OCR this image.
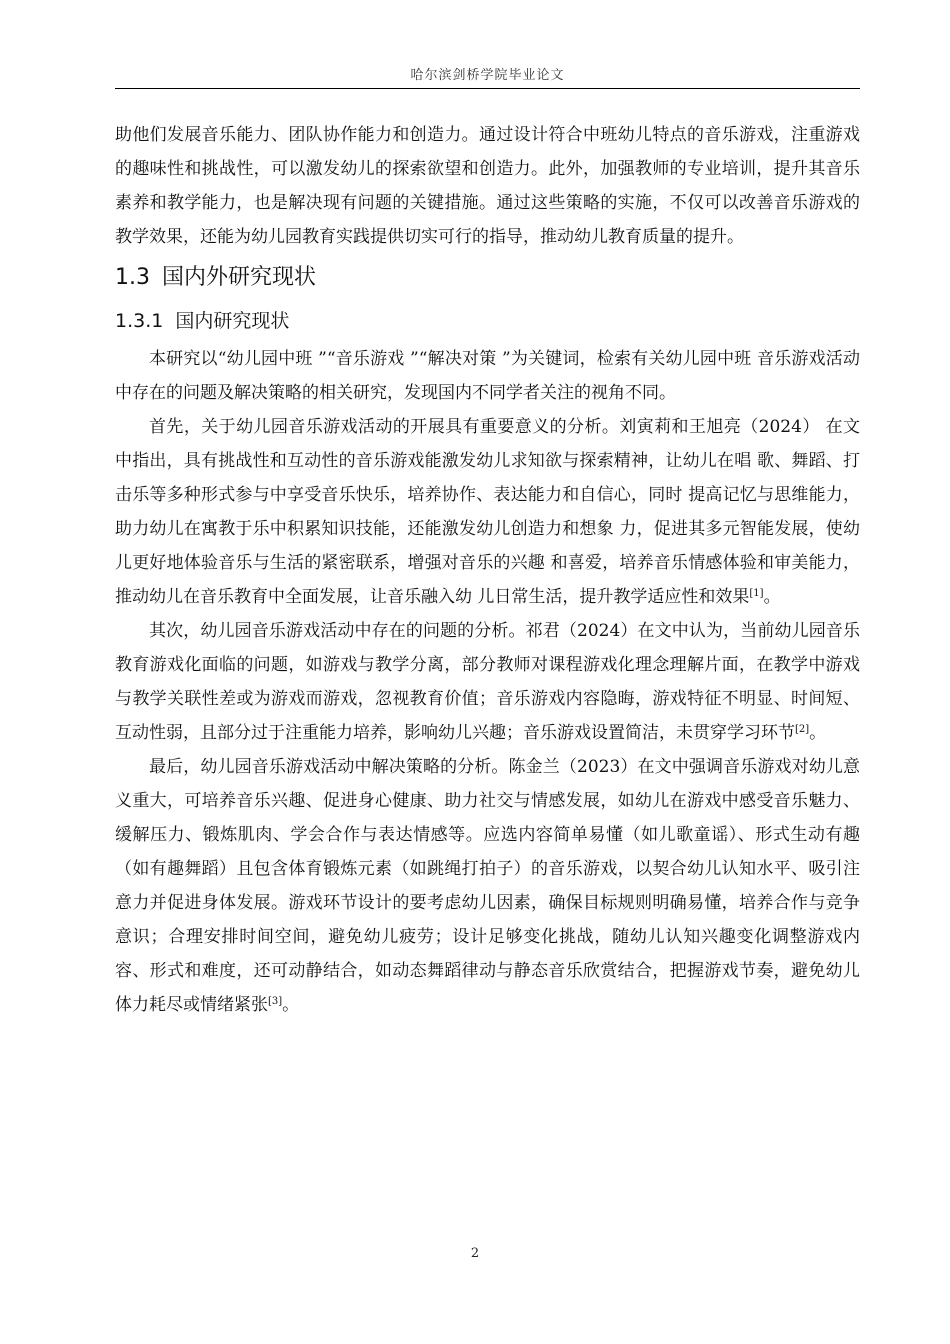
哈尔滨剑桥学院毕业论文

助他们发展音乐能力、团队协作能力和创造力。通过设计符合中班幼儿特点的音乐游戏，注重游戏的趣味性和挑战性，可以激发幼儿的探索欲望和创造力。此外，加强教师的专业培训，提升其音乐素养和教学能力，也是解决现有问题的关键措施。通过这些策略的实施，不仅可以改善音乐游戏的教学效果，还能为幼儿园教育实践提供切实可行的指导，推动幼儿教育质量的提升。

1.3 国内外研究现状
1.3.1 国内研究现状

本研究以“幼儿园中班 ”“音乐游戏 ”“解决对策 ”为关键词，检索有关幼儿园中班 音乐游戏活动中存在的问题及解决策略的相关研究，发现国内不同学者关注的视角不同。

首先，关于幼儿园音乐游戏活动的开展具有重要意义的分析。刘寅莉和王旭亮（2024） 在文中指出，具有挑战性和互动性的音乐游戏能激发幼儿求知欲与探索精神，让幼儿在唱 歌、舞蹈、打击乐等多种形式参与中享受音乐快乐，培养协作、表达能力和自信心，同时 提高记忆与思维能力，助力幼儿在寓教于乐中积累知识技能，还能激发幼儿创造力和想象 力，促进其多元智能发展，使幼儿更好地体验音乐与生活的紧密联系，增强对音乐的兴趣 和喜爱，培养音乐情感体验和审美能力，推动幼儿在音乐教育中全面发展，让音乐融入幼 儿日常生活，提升教学适应性和效果[1]。

其次，幼儿园音乐游戏活动中存在的问题的分析。祁君（2024）在文中认为，当前幼儿园音乐教育游戏化面临的问题，如游戏与教学分离，部分教师对课程游戏化理念理解片面，在教学中游戏与教学关联性差或为游戏而游戏，忽视教育价值；音乐游戏内容隐晦，游戏特征不明显、时间短、互动性弱，且部分过于注重能力培养，影响幼儿兴趣；音乐游戏设置简洁，未贯穿学习环节[2]。

最后，幼儿园音乐游戏活动中解决策略的分析。陈金兰（2023）在文中强调音乐游戏对幼儿意义重大，可培养音乐兴趣、促进身心健康、助力社交与情感发展，如幼儿在游戏中感受音乐魅力、缓解压力、锻炼肌肉、学会合作与表达情感等。应选内容简单易懂（如儿歌童谣）、形式生动有趣（如有趣舞蹈）且包含体育锻炼元素（如跳绳打拍子）的音乐游戏，以契合幼儿认知水平、吸引注意力并促进身体发展。游戏环节设计的要考虑幼儿因素，确保目标规则明确易懂，培养合作与竞争意识；合理安排时间空间，避免幼儿疲劳；设计足够变化挑战，随幼儿认知兴趣变化调整游戏内容、形式和难度，还可动静结合，如动态舞蹈律动与静态音乐欣赏结合，把握游戏节奏，避免幼儿体力耗尽或情绪紧张[3]。

2
